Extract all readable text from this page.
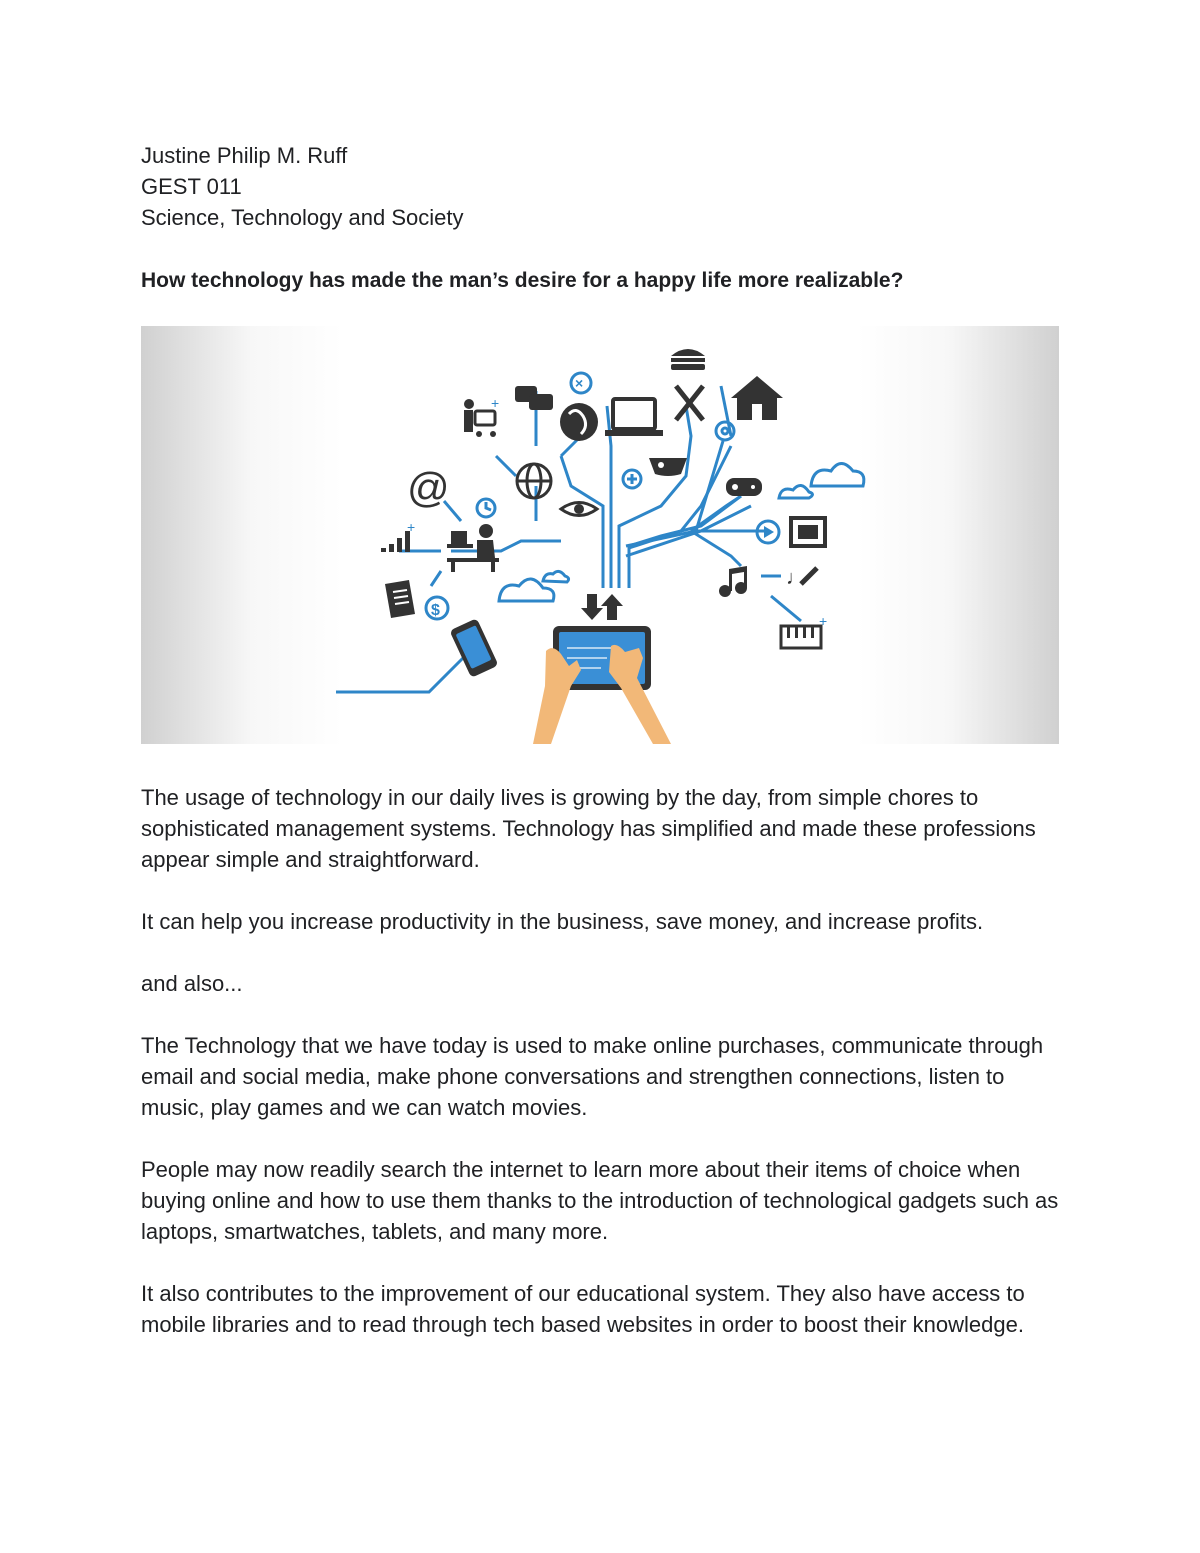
Justine Philip M. Ruff
GEST 011
Science, Technology and Society
How technology has made the man’s desire for a happy life more realizable?
+
×
@
+
♩
+
$
The usage of technology in our daily lives is growing by the day, from simple chores to sophisticated management systems. Technology has simplified and made these professions appear simple and straightforward.
It can help you increase productivity in the business, save money, and increase profits.
and also...
The Technology that we have today is used to make online purchases, communicate through email and social media, make phone conversations and strengthen connections, listen to music, play games and we can watch movies.
People may now readily search the internet to learn more about their items of choice when buying online and how to use them thanks to the introduction of technological gadgets such as laptops, smartwatches, tablets, and many more.
It also contributes to the improvement of our educational system. They also have access to mobile libraries and to read through tech based websites in order to boost their knowledge.
